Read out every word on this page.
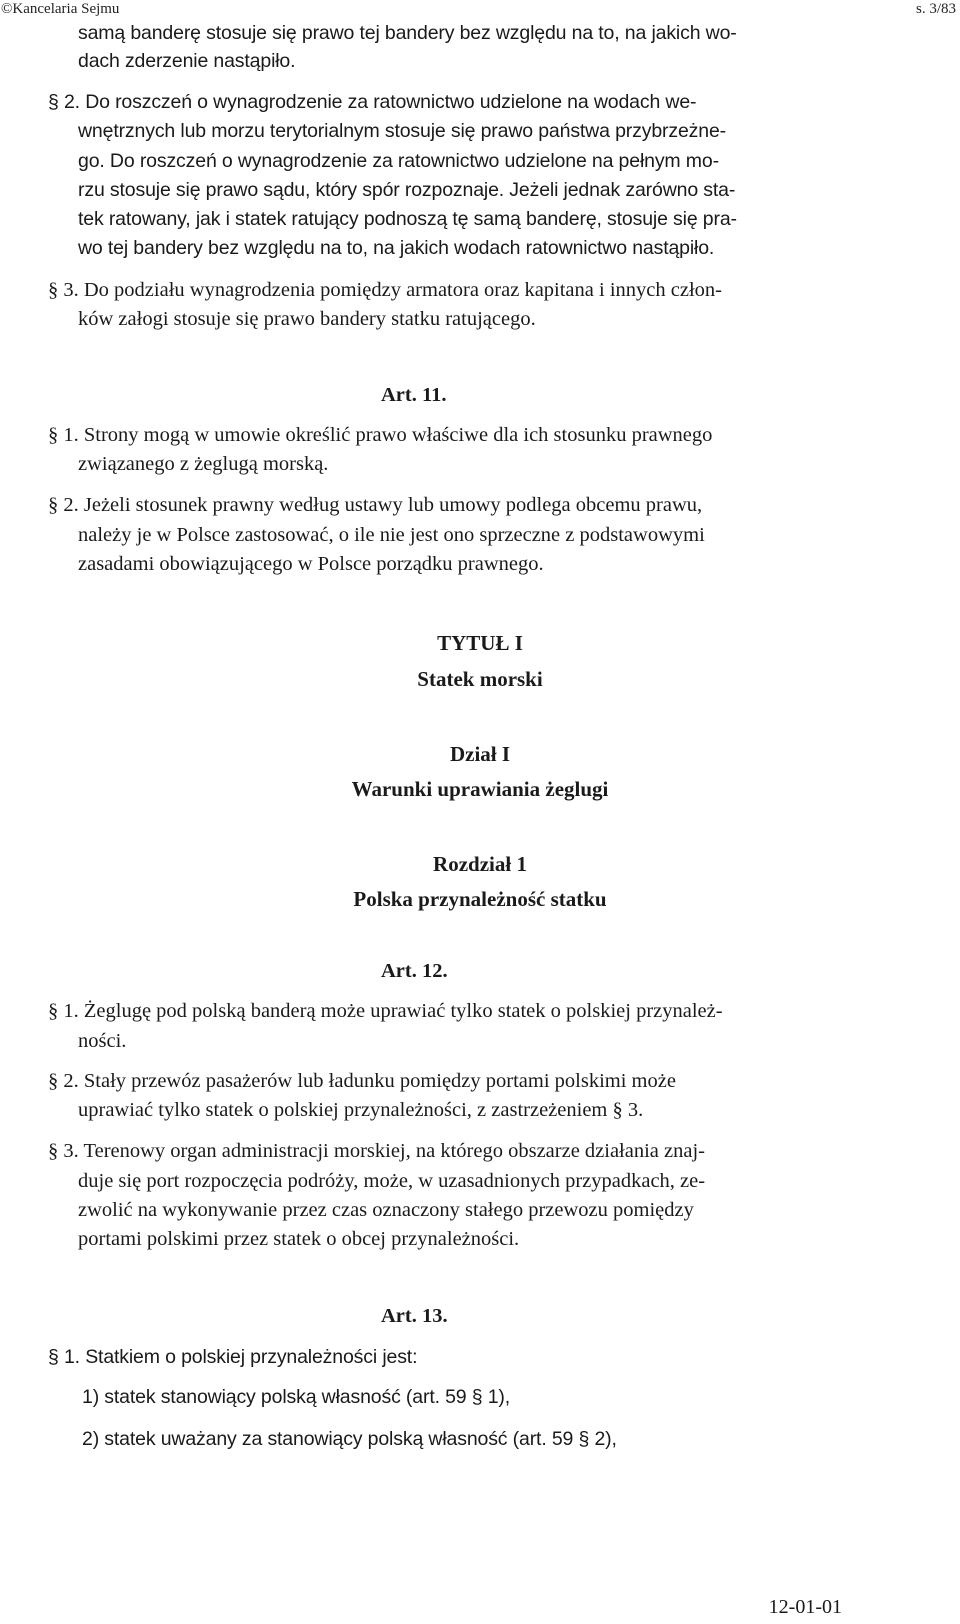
©Kancelaria Sejmu	s. 3/83
samą banderę stosuje się prawo tej bandery bez względu na to, na jakich wo-
dach zderzenie nastąpiło.
§ 2. Do roszczeń o wynagrodzenie za ratownictwo udzielone na wodach we-
wnętrznych lub morzu terytorialnym stosuje się prawo państwa przybrzeżne-
go. Do roszczeń o wynagrodzenie za ratownictwo udzielone na pełnym mo-
rzu stosuje się prawo sądu, który spór rozpoznaje. Jeżeli jednak zarówno sta-
tek ratowany, jak i statek ratujący podnoszą tę samą banderę, stosuje się pra-
wo tej bandery bez względu na to, na jakich wodach ratownictwo nastąpiło.
§ 3. Do podziału wynagrodzenia pomiędzy armatora oraz kapitana i innych człon-
ków załogi stosuje się prawo bandery statku ratującego.
Art. 11.
§ 1. Strony mogą w umowie określić prawo właściwe dla ich stosunku prawnego
związanego z żeglugą morską.
§ 2. Jeżeli stosunek prawny według ustawy lub umowy podlega obcemu prawu,
należy je w Polsce zastosować, o ile nie jest ono sprzeczne z podstawowymi
zasadami obowiązującego w Polsce porządku prawnego.
TYTUŁ I
Statek morski
Dział I
Warunki uprawiania żeglugi
Rozdział 1
Polska przynależność statku
Art. 12.
§ 1. Żeglugę pod polską banderą może uprawiać tylko statek o polskiej przynależ-
ności.
§ 2. Stały przewóz pasażerów lub ładunku pomiędzy portami polskimi może
uprawiać tylko statek o polskiej przynależności, z zastrzeżeniem § 3.
§ 3. Terenowy organ administracji morskiej, na którego obszarze działania znaj-
duje się port rozpoczęcia podróży, może, w uzasadnionych przypadkach, ze-
zwolić na wykonywanie przez czas oznaczony stałego przewozu pomiędzy
portami polskimi przez statek o obcej przynależności.
Art. 13.
§ 1. Statkiem o polskiej przynależności jest:
1) statek stanowiący polską własność (art. 59 § 1),
2) statek uważany za stanowiący polską własność (art. 59 § 2),
12-01-01
